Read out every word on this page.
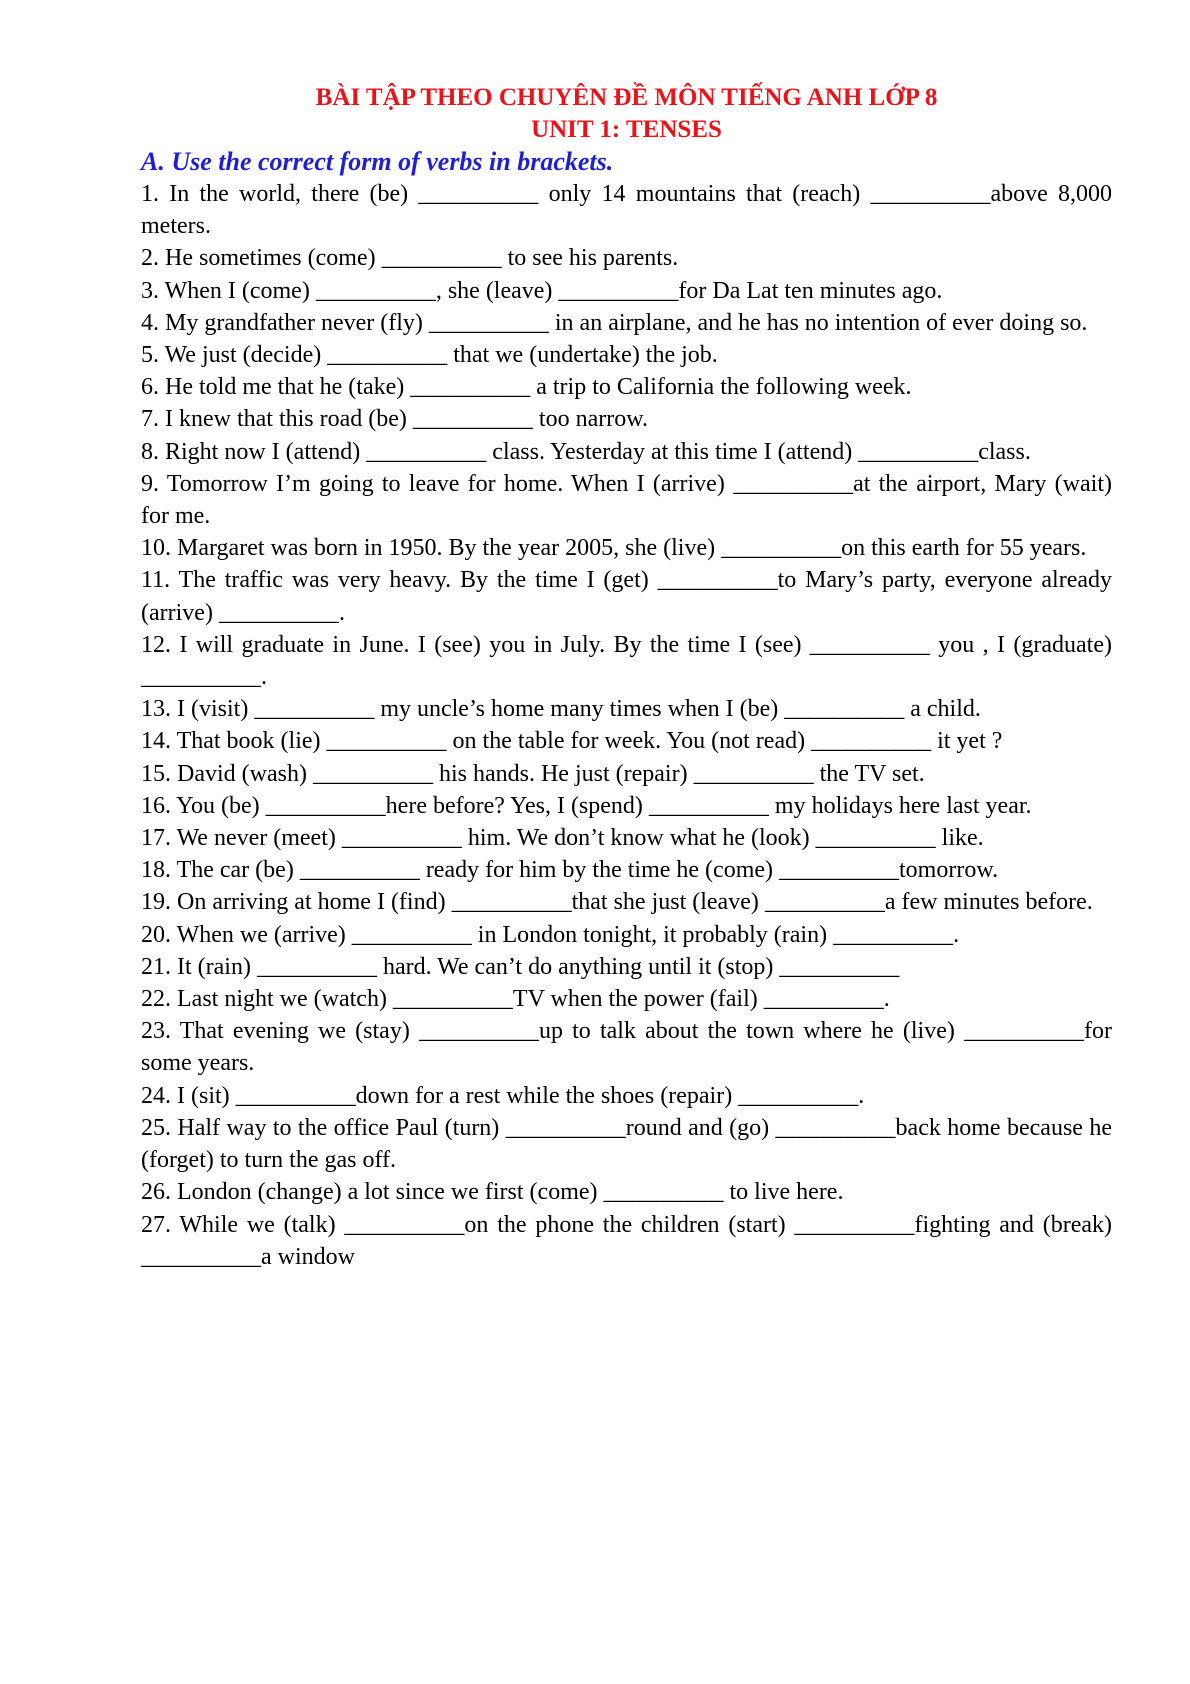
BÀI TẬP THEO CHUYÊN ĐỀ MÔN TIẾNG ANH LỚP 8

UNIT 1: TENSES

A. Use the correct form of verbs in brackets.

1. In the world, there (be) __________ only 14 mountains that (reach) __________above 8,000 meters.

2. He sometimes (come) __________ to see his parents.

3. When I (come) __________, she (leave) __________for Da Lat ten minutes ago.

4. My grandfather never (fly) __________ in an airplane, and he has no intention of ever doing so.

5. We just (decide) __________ that we (undertake) the job.

6. He told me that he (take) __________ a trip to California the following week.

7. I knew that this road (be) __________ too narrow.

8. Right now I (attend) __________ class. Yesterday at this time I (attend) __________class.

9. Tomorrow I’m going to leave for home. When I (arrive) __________at the airport, Mary (wait) for me.

10. Margaret was born in 1950. By the year 2005, she (live) __________on this earth for 55 years.

11. The traffic was very heavy. By the time I (get) __________to Mary’s party, everyone already (arrive) __________.

12. I will graduate in June. I (see) you in July. By the time I (see) __________ you , I (graduate) __________.

13. I (visit) __________ my uncle’s home many times when I (be) __________ a child.

14. That book (lie) __________ on the table for week. You (not read) __________ it yet ?

15. David (wash) __________ his hands. He just (repair) __________ the TV set.

16. You (be) __________here before? Yes, I (spend) __________ my holidays here last year.

17. We never (meet) __________ him. We don’t know what he (look) __________ like.

18. The car (be) __________ ready for him by the time he (come) __________tomorrow.

19. On arriving at home I (find) __________that she just (leave) __________a few minutes before.

20. When we (arrive) __________ in London tonight, it probably (rain) __________.

21. It (rain) __________ hard. We can’t do anything until it (stop) __________

22. Last night we (watch) __________TV when the power (fail) __________.

23. That evening we (stay) __________up to talk about the town where he (live) __________for some years.

24. I (sit) __________down for a rest while the shoes (repair) __________.

25. Half way to the office Paul (turn) __________round and (go) __________back home because he (forget) to turn the gas off.

26. London (change) a lot since we first (come) __________ to live here.

27. While we (talk) __________on the phone the children (start) __________fighting and (break) __________a window
